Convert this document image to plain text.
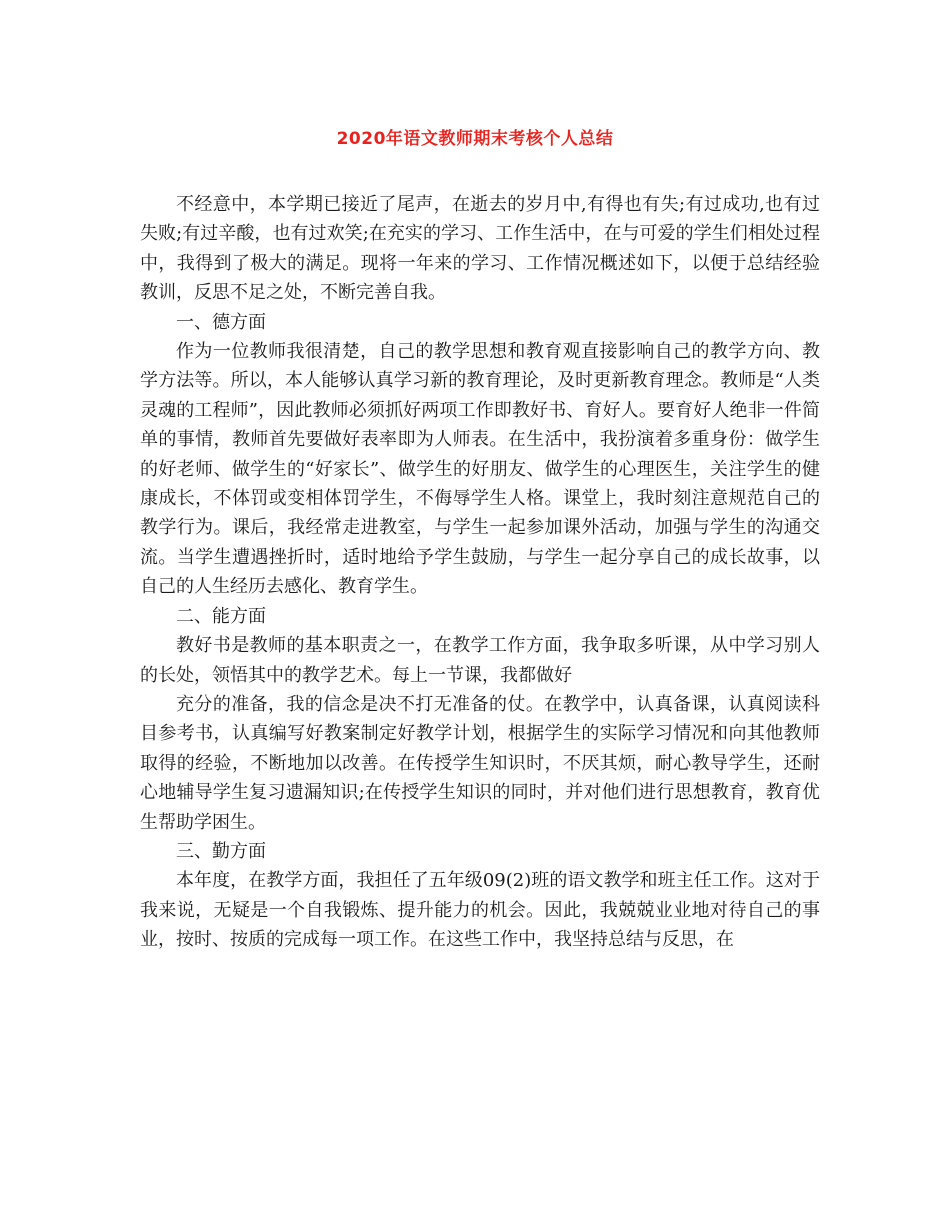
2020年语文教师期末考核个人总结

不经意中，本学期已接近了尾声，在逝去的岁月中,有得也有失;有过成功,也有过失败;有过辛酸，也有过欢笑;在充实的学习、工作生活中，在与可爱的学生们相处过程中，我得到了极大的满足。现将一年来的学习、工作情况概述如下，以便于总结经验教训，反思不足之处，不断完善自我。

一、德方面

作为一位教师我很清楚，自己的教学思想和教育观直接影响自己的教学方向、教学方法等。所以，本人能够认真学习新的教育理论，及时更新教育理念。教师是“人类灵魂的工程师”，因此教师必须抓好两项工作即教好书、育好人。要育好人绝非一件简单的事情，教师首先要做好表率即为人师表。在生活中，我扮演着多重身份：做学生的好老师、做学生的“好家长”、做学生的好朋友、做学生的心理医生，关注学生的健康成长，不体罚或变相体罚学生，不侮辱学生人格。课堂上，我时刻注意规范自己的教学行为。课后，我经常走进教室，与学生一起参加课外活动，加强与学生的沟通交流。当学生遭遇挫折时，适时地给予学生鼓励，与学生一起分享自己的成长故事，以自己的人生经历去感化、教育学生。

二、能方面

教好书是教师的基本职责之一，在教学工作方面，我争取多听课，从中学习别人的长处，领悟其中的教学艺术。每上一节课，我都做好

充分的准备，我的信念是决不打无准备的仗。在教学中，认真备课，认真阅读科目参考书，认真编写好教案制定好教学计划，根据学生的实际学习情况和向其他教师取得的经验，不断地加以改善。在传授学生知识时，不厌其烦，耐心教导学生，还耐心地辅导学生复习遗漏知识;在传授学生知识的同时，并对他们进行思想教育，教育优生帮助学困生。

三、勤方面

本年度，在教学方面，我担任了五年级09(2)班的语文教学和班主任工作。这对于我来说，无疑是一个自我锻炼、提升能力的机会。因此，我兢兢业业地对待自己的事业，按时、按质的完成每一项工作。在这些工作中，我坚持总结与反思，在
